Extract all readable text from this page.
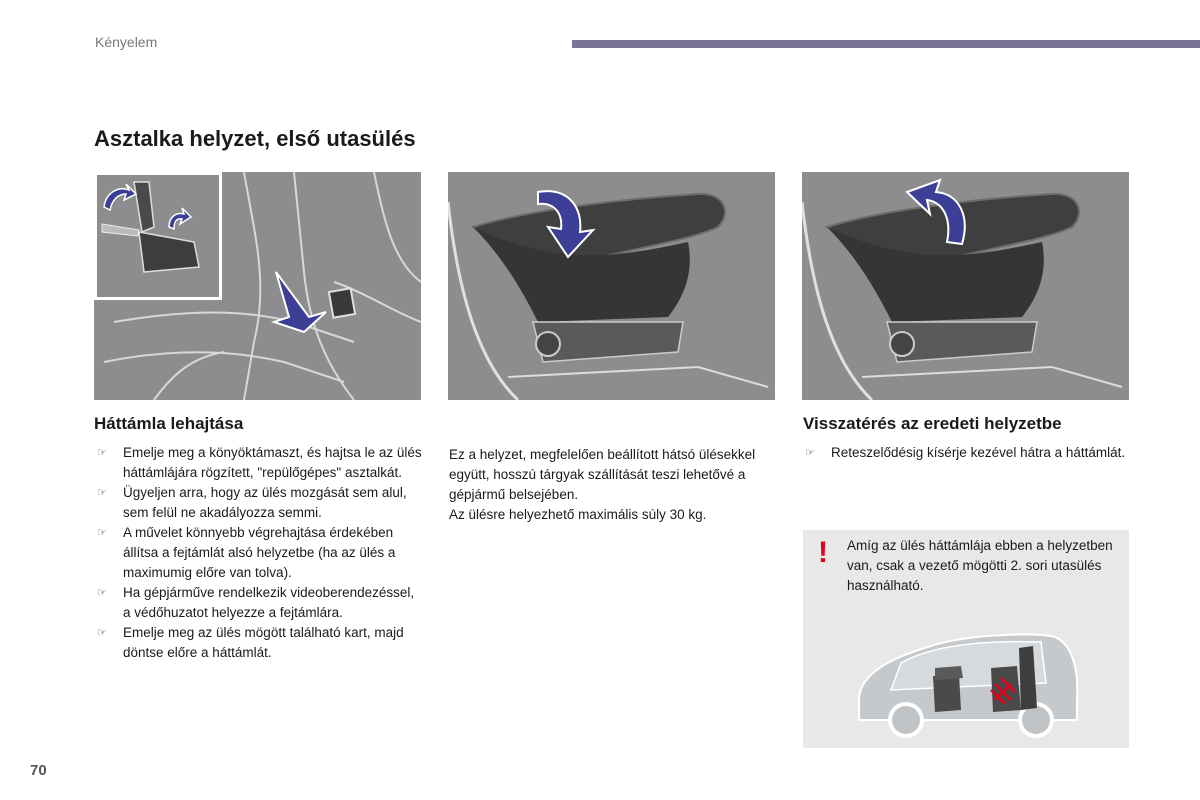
Kényelem
Asztalka helyzet, első utasülés
Háttámla lehajtása
☞ Emelje meg a könyöktámaszt, és hajtsa le az ülés háttámlájára rögzített, "repülőgépes" asztalkát.
☞ Ügyeljen arra, hogy az ülés mozgását sem alul, sem felül ne akadályozza semmi.
☞ A művelet könnyebb végrehajtása érdekében állítsa a fejtámlát alsó helyzetbe (ha az ülés a maximumig előre van tolva).
☞ Ha gépjárműve rendelkezik videoberendezéssel, a védőhuzatot helyezze a fejtámlára.
☞ Emelje meg az ülés mögött található kart, majd döntse előre a háttámlát.

Ez a helyzet, megfelelően beállított hátsó ülésekkel együtt, hosszú tárgyak szállítását teszi lehetővé a gépjármű belsejében.

Az ülésre helyezhető maximális súly 30 kg.

Visszatérés az eredeti helyzetbe
☞ Reteszelődésig kísérje kezével hátra a háttámlát.
! Amíg az ülés háttámlája ebben a helyzetben van, csak a vezető mögötti 2. sori utasülés használható.
70
